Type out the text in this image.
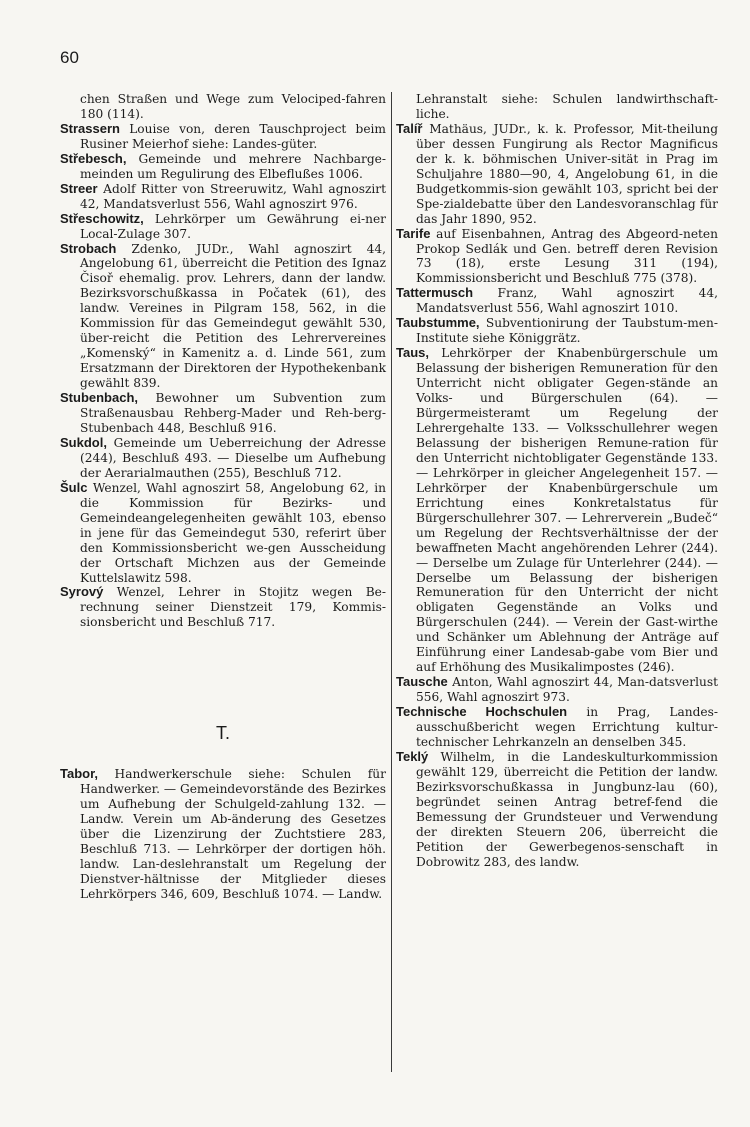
60

chen Straßen und Wege zum Velociped-fahren 180 (114).

Strassern Louise von, deren Tauschproject beim Rusiner Meierhof siehe: Landes-güter.

Střebesch, Gemeinde und mehrere Nachbarge-meinden um Regulirung des Elbeflußes 1006.

Streer Adolf Ritter von Streeruwitz, Wahl agnoszirt 42, Mandatsverlust 556, Wahl agnoszirt 976.

Střeschowitz, Lehrkörper um Gewährung ei-ner Local-Zulage 307.

Strobach Zdenko, JUDr., Wahl agnoszirt 44, Angelobung 61, überreicht die Petition des Ignaz Čisoř ehemalig. prov. Lehrers, dann der landw. Bezirksvorschußkassa in Počatek (61), des landw. Vereines in Pilgram 158, 562, in die Kommission für das Gemeindegut gewählt 530, über-reicht die Petition des Lehrervereines „Komenský“ in Kamenitz a. d. Linde 561, zum Ersatzmann der Direktoren der Hypothekenbank gewählt 839.

Stubenbach, Bewohner um Subvention zum Straßenausbau Rehberg-Mader und Reh-berg-Stubenbach 448, Beschluß 916.

Sukdol, Gemeinde um Ueberreichung der Adresse (244), Beschluß 493. — Dieselbe um Aufhebung der Aerarialmauthen (255), Beschluß 712.

Šulc Wenzel, Wahl agnoszirt 58, Angelobung 62, in die Kommission für Bezirks- und Gemeindeangelegenheiten gewählt 103, ebenso in jene für das Gemeindegut 530, referirt über den Kommissionsbericht we-gen Ausscheidung der Ortschaft Michzen aus der Gemeinde Kuttelslawitz 598.

Syrový Wenzel, Lehrer in Stojitz wegen Be-rechnung seiner Dienstzeit 179, Kommis-sionsbericht und Beschluß 717.

T.

Tabor, Handwerkerschule siehe: Schulen für Handwerker. — Gemeindevorstände des Bezirkes um Aufhebung der Schulgeld-zahlung 132. — Landw. Verein um Ab-änderung des Gesetzes über die Lizenzirung der Zuchtstiere 283, Beschluß 713. — Lehrkörper der dortigen höh. landw. Lan-deslehranstalt um Regelung der Dienstver-hältnisse der Mitglieder dieses Lehrkörpers 346, 609, Beschluß 1074. — Landw.

Lehranstalt siehe: Schulen landwirthschaft-liche.

Talíř Mathäus, JUDr., k. k. Professor, Mit-theilung über dessen Fungirung als Rector Magnificus der k. k. böhmischen Univer-sität in Prag im Schuljahre 1880—90, 4, Angelobung 61, in die Budgetkommis-sion gewählt 103, spricht bei der Spe-zialdebatte über den Landesvoranschlag für das Jahr 1890, 952.

Tarife auf Eisenbahnen, Antrag des Abgeord-neten Prokop Sedlák und Gen. betreff deren Revision 73 (18), erste Lesung 311 (194), Kommissionsbericht und Beschluß 775 (378).

Tattermusch Franz, Wahl agnoszirt 44, Mandatsverlust 556, Wahl agnoszirt 1010.

Taubstumme, Subventionirung der Taubstum-men-Institute siehe Königgrätz.

Taus, Lehrkörper der Knabenbürgerschule um Belassung der bisherigen Remuneration für den Unterricht nicht obligater Gegen-stände an Volks- und Bürgerschulen (64). — Bürgermeisteramt um Regelung der Lehrergehalte 133. — Volksschullehrer wegen Belassung der bisherigen Remune-ration für den Unterricht nichtobligater Gegenstände 133. — Lehrkörper in gleicher Angelegenheit 157. — Lehrkörper der Knabenbürgerschule um Errichtung eines Konkretalstatus für Bürgerschullehrer 307. — Lehrerverein „Budeč“ um Regelung der Rechtsverhältnisse der der bewaffneten Macht angehörenden Lehrer (244). — Derselbe um Zulage für Unterlehrer (244). — Derselbe um Belassung der bisherigen Remuneration für den Unterricht der nicht obligaten Gegenstände an Volks und Bürgerschulen (244). — Verein der Gast-wirthe und Schänker um Ablehnung der Anträge auf Einführung einer Landesab-gabe vom Bier und auf Erhöhung des Musikalimpostes (246).

Tausche Anton, Wahl agnoszirt 44, Man-datsverlust 556, Wahl agnoszirt 973.

Technische Hochschulen in Prag, Landes-ausschußbericht wegen Errichtung kultur-technischer Lehrkanzeln an denselben 345.

Teklý Wilhelm, in die Landeskulturkommission gewählt 129, überreicht die Petition der landw. Bezirksvorschußkassa in Jungbunz-lau (60), begründet seinen Antrag betref-fend die Bemessung der Grundsteuer und Verwendung der direkten Steuern 206, überreicht die Petition der Gewerbegenos-senschaft in Dobrowitz 283, des landw.
